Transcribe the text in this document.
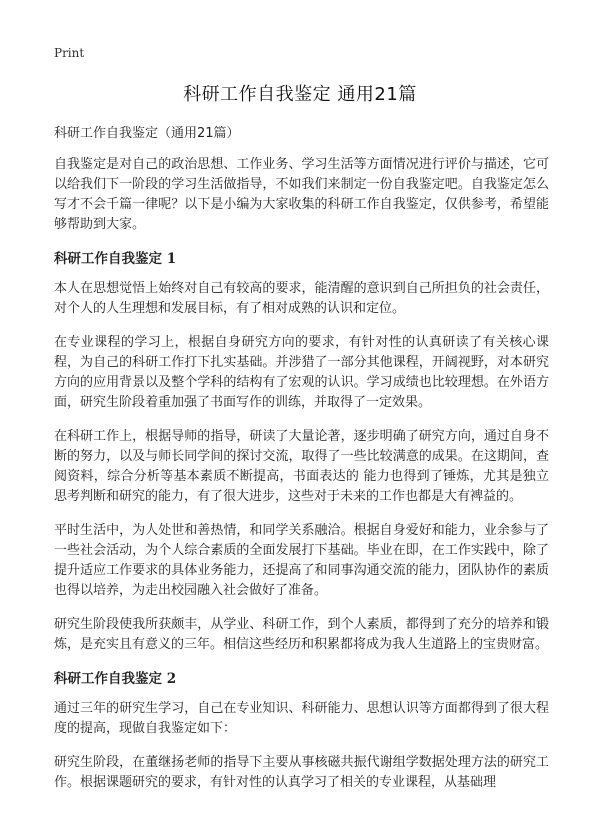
Print
科研工作自我鉴定 通用21篇
科研工作自我鉴定（通用21篇）

自我鉴定是对自己的政治思想、工作业务、学习生活等方面情况进行评价与描述，它可以给我们下一阶段的学习生活做指导，不如我们来制定一份自我鉴定吧。自我鉴定怎么写才不会千篇一律呢？以下是小编为大家收集的科研工作自我鉴定，仅供参考，希望能够帮助到大家。

科研工作自我鉴定 1

本人在思想觉悟上始终对自己有较高的要求，能清醒的意识到自己所担负的社会责任，对个人的人生理想和发展目标，有了相对成熟的认识和定位。

在专业课程的学习上，根据自身研究方向的要求，有针对性的认真研读了有关核心课程，为自己的科研工作打下扎实基础。并涉猎了一部分其他课程，开阔视野，对本研究方向的应用背景以及整个学科的结构有了宏观的认识。学习成绩也比较理想。在外语方面，研究生阶段着重加强了书面写作的训练，并取得了一定效果。

在科研工作上，根据导师的指导，研读了大量论著，逐步明确了研究方向，通过自身不断的努力，以及与师长同学间的探讨交流，取得了一些比较满意的成果。在这期间，查阅资料，综合分析等基本素质不断提高，书面表达的 能力也得到了锤炼，尤其是独立思考判断和研究的能力，有了很大进步，这些对于未来的工作也都是大有裨益的。

平时生活中，为人处世和善热情，和同学关系融洽。根据自身爱好和能力，业余参与了一些社会活动，为个人综合素质的全面发展打下基础。毕业在即，在工作实践中，除了提升适应工作要求的具体业务能力，还提高了和同事沟通交流的能力，团队协作的素质也得以培养，为走出校园融入社会做好了准备。

研究生阶段使我所获颇丰，从学业、科研工作，到个人素质，都得到了充分的培养和锻炼，是充实且有意义的三年。相信这些经历和积累都将成为我人生道路上的宝贵财富。

科研工作自我鉴定 2

通过三年的研究生学习，自己在专业知识、科研能力、思想认识等方面都得到了很大程度的提高，现做自我鉴定如下：

研究生阶段，在董继扬老师的指导下主要从事核磁共振代谢组学数据处理方法的研究工作。根据课题研究的要求，有针对性的认真学习了相关的专业课程，从基础理
